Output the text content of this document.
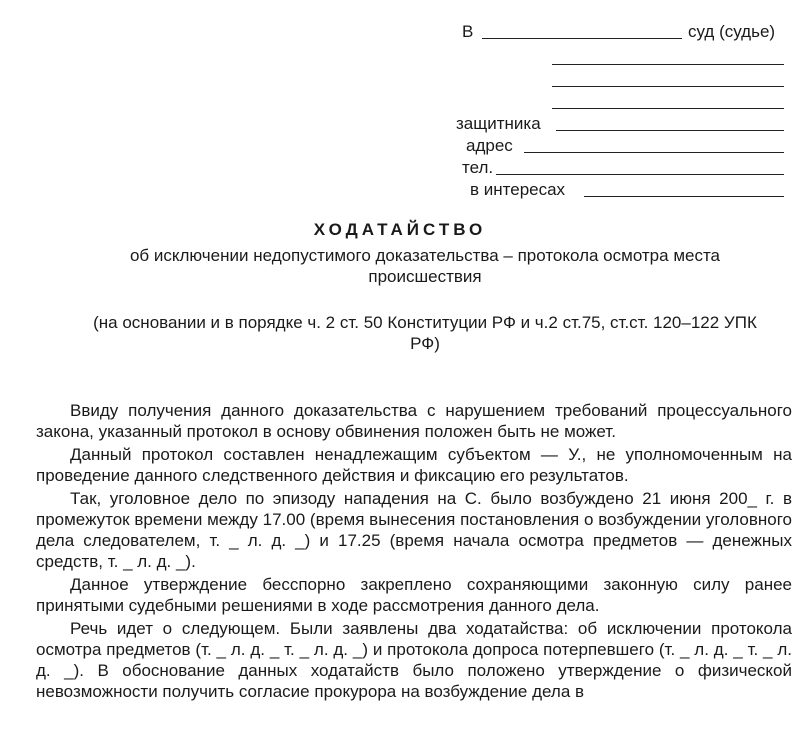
В	суд (судье)
защитника
адрес
тел.
в интересах
ХОДАТАЙСТВО
об исключении недопустимого доказательства – протокола осмотра места происшествия
(на основании и в порядке ч. 2 ст. 50 Конституции РФ и ч.2 ст.75, ст.ст. 120–122 УПК РФ)

Ввиду получения данного доказательства с нарушением требований процессуального закона, указанный протокол в основу обвинения положен быть не может.

Данный протокол составлен ненадлежащим субъектом — У., не уполномоченным на проведение данного следственного действия и фиксацию его результатов.

Так, уголовное дело по эпизоду нападения на С. было возбуждено 21 июня 200_ г. в промежуток времени между 17.00 (время вынесения постановления о возбуждении уголовного дела следователем, т. _ л. д. _) и 17.25 (время начала осмотра предметов — денежных средств, т. _ л. д. _).

Данное утверждение бесспорно закреплено сохраняющими законную силу ранее принятыми судебными решениями в ходе рассмотрения данного дела.

Речь идет о следующем. Были заявлены два ходатайства: об исключении протокола осмотра предметов (т. _ л. д. _ т. _ л. д. _) и протокола допроса потерпевшего (т. _ л. д. _ т. _ л. д. _). В обоснование данных ходатайств было положено утверждение о физической невозможности получить согласие прокурора на возбуждение дела в
